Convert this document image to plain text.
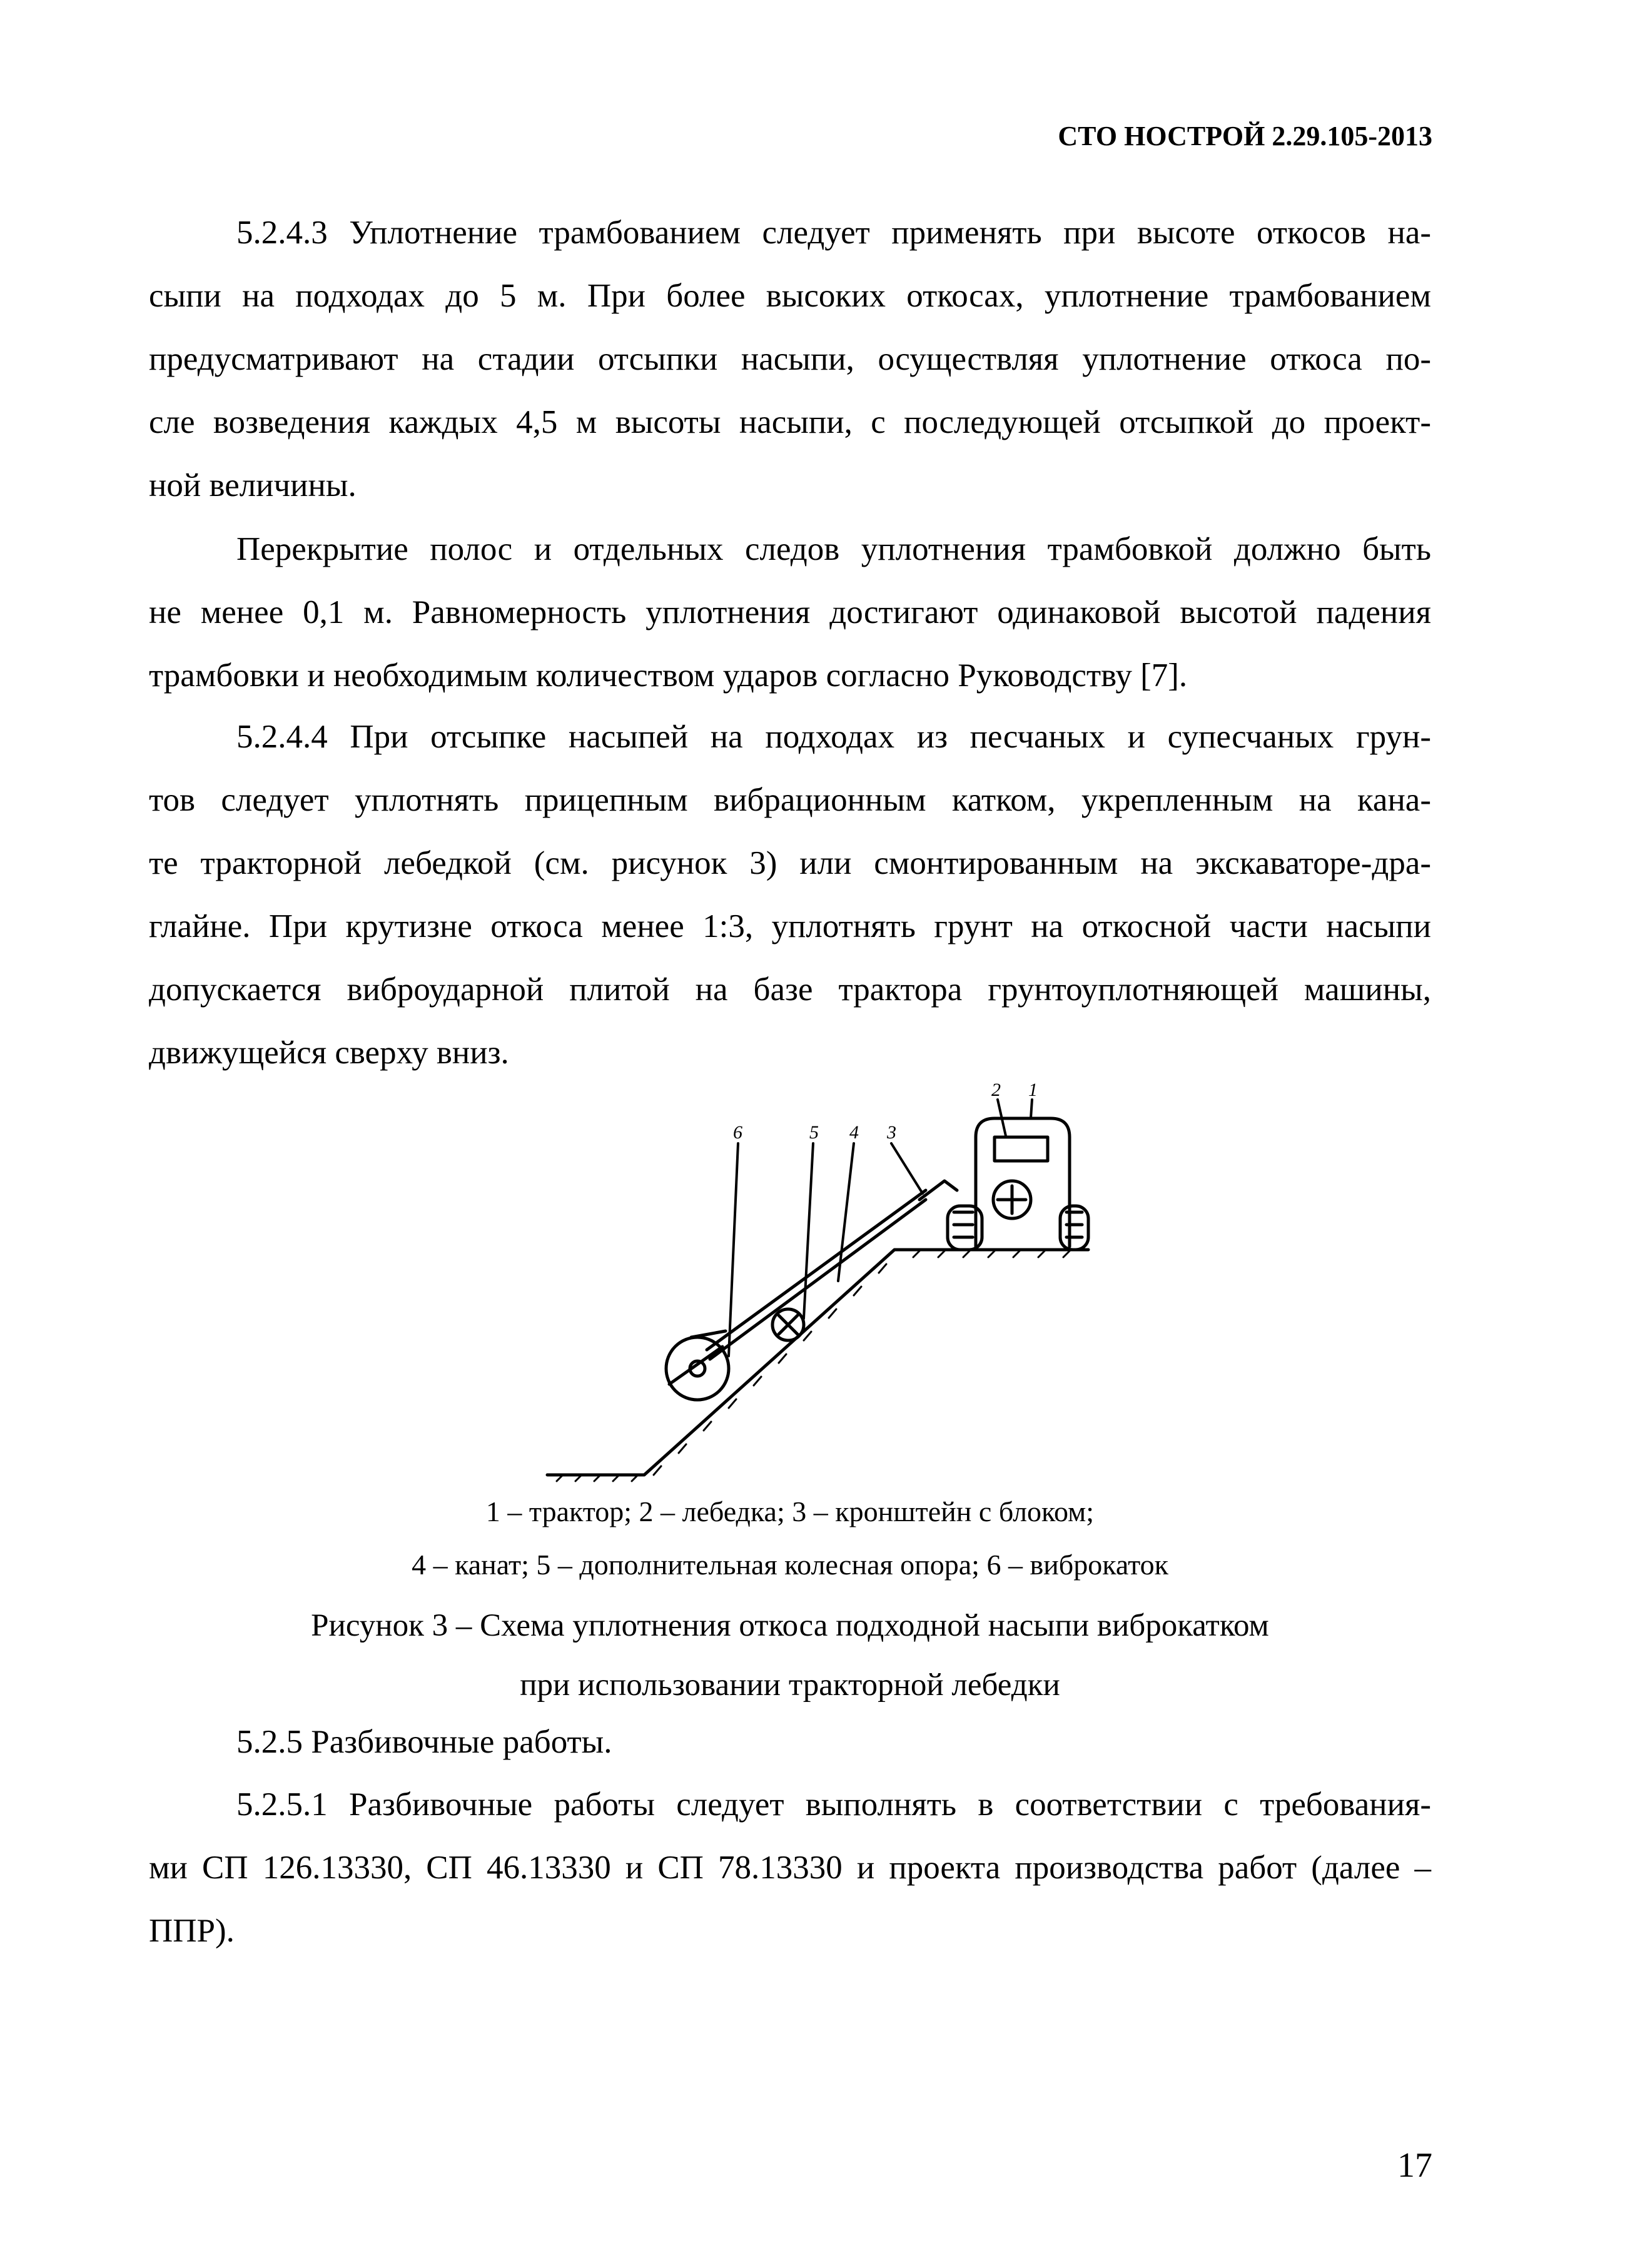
СТО НОСТРОЙ 2.29.105-2013

5.2.4.3 Уплотнение трамбованием следует применять при высоте откосов на-

сыпи на подходах до 5 м. При более высоких откосах, уплотнение трамбованием
предусматривают на стадии отсыпки насыпи, осуществляя уплотнение откоса по-
сле возведения каждых 4,5 м высоты насыпи, с последующей отсыпкой до проект-
ной величины.

Перекрытие полос и отдельных следов уплотнения трамбовкой должно быть

не менее 0,1 м. Равномерность уплотнения достигают одинаковой высотой падения
трамбовки и необходимым количеством ударов согласно Руководству [7].

5.2.4.4 При отсыпке насыпей на подходах из песчаных и супесчаных грун-

тов следует уплотнять прицепным вибрационным катком, укрепленным на кана-
те тракторной лебедкой (см. рисунок 3) или смонтированным на экскаваторе-дра-
глайне. При крутизне откоса менее 1:3, уплотнять грунт на откосной части насыпи
допускается виброударной плитой на базе трактора грунтоуплотняющей машины,
движущейся сверху вниз.
1
2
3
4
5
6
1 – трактор; 2 – лебедка; 3 – кронштейн с блоком;
4 – канат; 5 – дополнительная колесная опора; 6 – виброкаток
Рисунок 3 – Схема уплотнения откоса подходной насыпи виброкатком
при использовании тракторной лебедки

5.2.5 Разбивочные работы.

5.2.5.1 Разбивочные работы следует выполнять в соответствии с требования-

ми СП 126.13330, СП 46.13330 и СП 78.13330 и проекта производства работ (далее –
ППР).
17
